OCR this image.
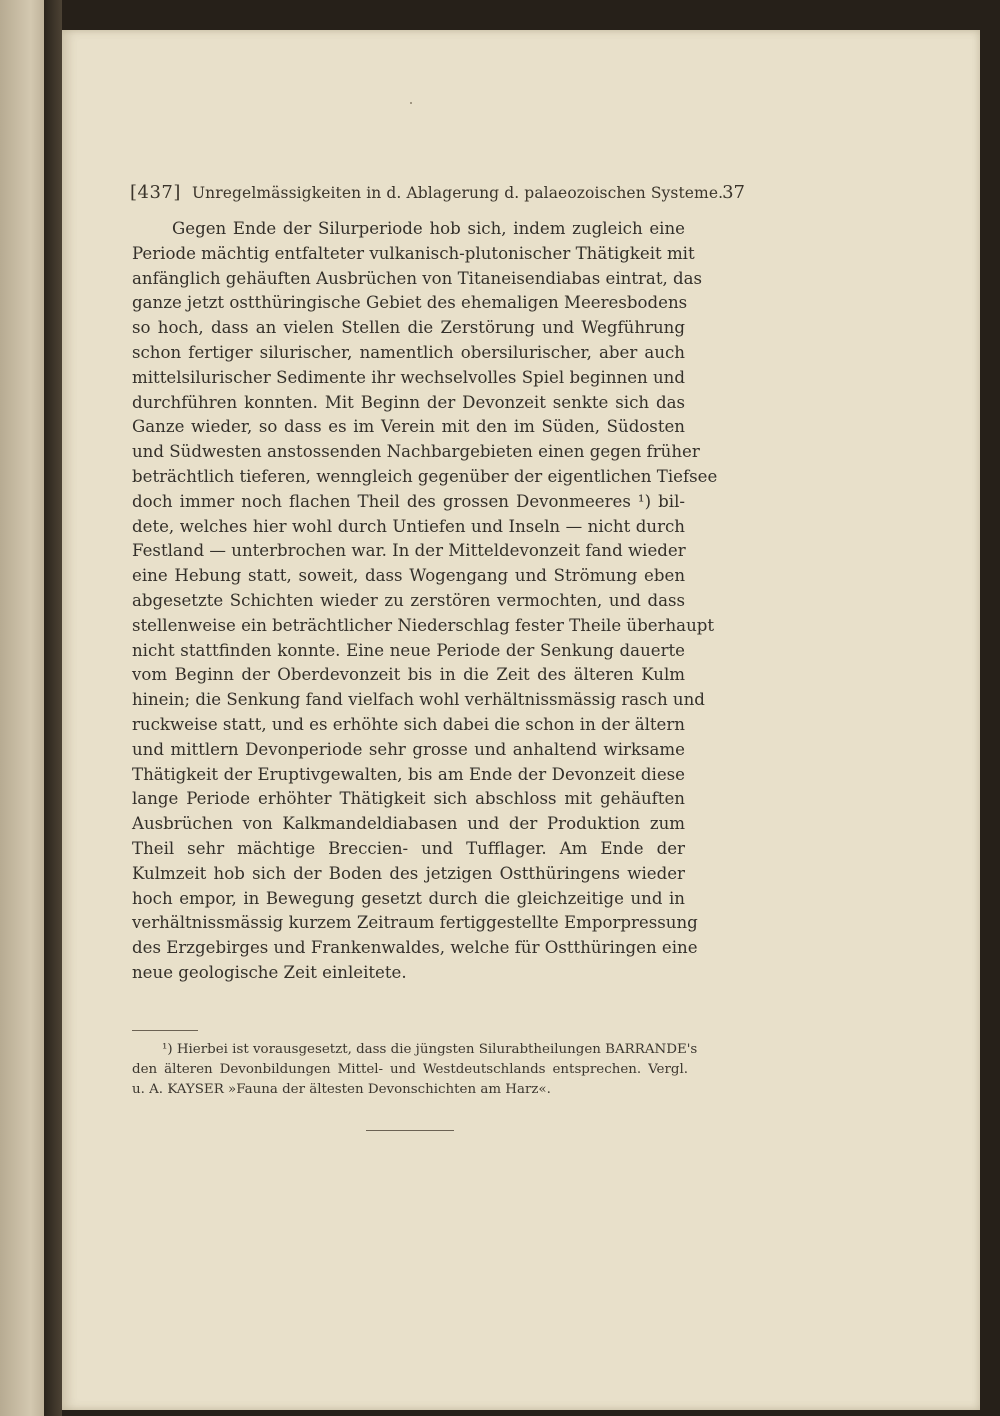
[437] Unregelmässigkeiten in d. Ablagerung d. palaeozoischen Systeme.
37
Gegen Ende der Silurperiode hob sich, indem zugleich eine
Periode mächtig entfalteter vulkanisch-plutonischer Thätigkeit mit
anfänglich gehäuften Ausbrüchen von Titaneisendiabas eintrat, das
ganze jetzt ostthüringische Gebiet des ehemaligen Meeresbodens
so hoch, dass an vielen Stellen die Zerstörung und Wegführung
schon fertiger silurischer, namentlich obersilurischer, aber auch
mittelsilurischer Sedimente ihr wechselvolles Spiel beginnen und
durchführen konnten. Mit Beginn der Devonzeit senkte sich das
Ganze wieder, so dass es im Verein mit den im Süden, Südosten
und Südwesten anstossenden Nachbargebieten einen gegen früher
beträchtlich tieferen, wenngleich gegenüber der eigentlichen Tiefsee
doch immer noch flachen Theil des grossen Devonmeeres ¹) bil-
dete, welches hier wohl durch Untiefen und Inseln — nicht durch
Festland — unterbrochen war. In der Mitteldevonzeit fand wieder
eine Hebung statt, soweit, dass Wogengang und Strömung eben
abgesetzte Schichten wieder zu zerstören vermochten, und dass
stellenweise ein beträchtlicher Niederschlag fester Theile überhaupt
nicht stattfinden konnte. Eine neue Periode der Senkung dauerte
vom Beginn der Oberdevonzeit bis in die Zeit des älteren Kulm
hinein; die Senkung fand vielfach wohl verhältnissmässig rasch und
ruckweise statt, und es erhöhte sich dabei die schon in der ältern
und mittlern Devonperiode sehr grosse und anhaltend wirksame
Thätigkeit der Eruptivgewalten, bis am Ende der Devonzeit diese
lange Periode erhöhter Thätigkeit sich abschloss mit gehäuften
Ausbrüchen von Kalkmandeldiabasen und der Produktion zum
Theil sehr mächtige Breccien- und Tufflager. Am Ende der
Kulmzeit hob sich der Boden des jetzigen Ostthüringens wieder
hoch empor, in Bewegung gesetzt durch die gleichzeitige und in
verhältnissmässig kurzem Zeitraum fertiggestellte Emporpressung
des Erzgebirges und Frankenwaldes, welche für Ostthüringen eine
neue geologische Zeit einleitete.
¹) Hierbei ist vorausgesetzt, dass die jüngsten Silurabtheilungen BARRANDE's
den älteren Devonbildungen Mittel- und Westdeutschlands entsprechen. Vergl.
u. A. KAYSER »Fauna der ältesten Devonschichten am Harz«.
